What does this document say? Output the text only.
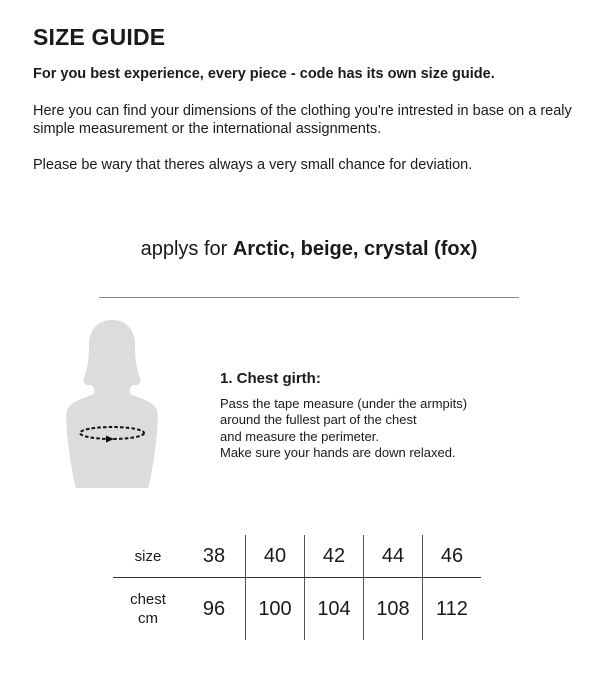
SIZE GUIDE

For you best experience, every piece - code has its own size guide.

Here you can find your dimensions of the clothing you're intrested in base on a realy simple measurement or the international assignments.

Please be wary that theres always a very small chance for deviation.

applys for Arctic, beige, crystal (fox)

1. Chest girth:

Pass the tape measure (under the armpits)
around the fullest part of the chest
and measure the perimeter.
Make sure your hands are down relaxed.
size	38	40	42	44	46

chest
cm	96	100	104	108	112
